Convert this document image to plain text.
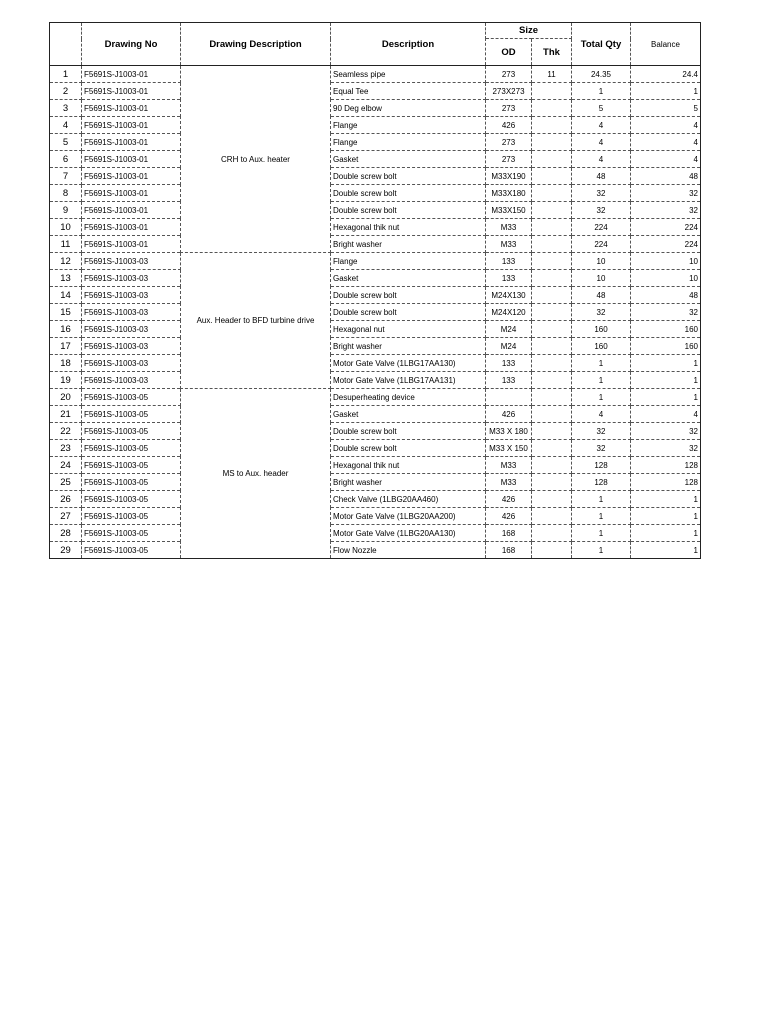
	Drawing No	Drawing Description	Description	Size		Total Qty	Balance
				OD	Thk		
1	F5691S-J1003-01	CRH to Aux. heater	Seamless pipe	273	11	24.35	24.4
2	F5691S-J1003-01		Equal Tee	273X273		1	1
3	F5691S-J1003-01		90 Deg elbow	273		5	5
4	F5691S-J1003-01		Flange	426		4	4
5	F5691S-J1003-01		Flange	273		4	4
6	F5691S-J1003-01		Gasket	273		4	4
7	F5691S-J1003-01		Double screw bolt	M33X190		48	48
8	F5691S-J1003-01		Double screw bolt	M33X180		32	32
9	F5691S-J1003-01		Double screw bolt	M33X150		32	32
10	F5691S-J1003-01		Hexagonal thik nut	M33		224	224
11	F5691S-J1003-01		Bright washer	M33		224	224
12	F5691S-J1003-03	Aux. Header to BFD turbine drive	Flange	133		10	10
13	F5691S-J1003-03		Gasket	133		10	10
14	F5691S-J1003-03		Double screw bolt	M24X130		48	48
15	F5691S-J1003-03		Double screw bolt	M24X120		32	32
16	F5691S-J1003-03		Hexagonal nut	M24		160	160
17	F5691S-J1003-03		Bright washer	M24		160	160
18	F5691S-J1003-03		Motor Gate Valve (1LBG17AA130)	133		1	1
19	F5691S-J1003-03		Motor Gate Valve (1LBG17AA131)	133		1	1
20	F5691S-J1003-05	MS to Aux. header	Desuperheating device			1	1
21	F5691S-J1003-05		Gasket	426		4	4
22	F5691S-J1003-05		Double screw bolt	M33 X 180		32	32
23	F5691S-J1003-05		Double screw bolt	M33 X 150		32	32
24	F5691S-J1003-05		Hexagonal thik nut	M33		128	128
25	F5691S-J1003-05		Bright washer	M33		128	128
26	F5691S-J1003-05		Check Valve (1LBG20AA460)	426		1	1
27	F5691S-J1003-05		Motor Gate Valve (1LBG20AA200)	426		1	1
28	F5691S-J1003-05		Motor Gate Valve (1LBG20AA130)	168		1	1
29	F5691S-J1003-05		Flow Nozzle	168		1	1
